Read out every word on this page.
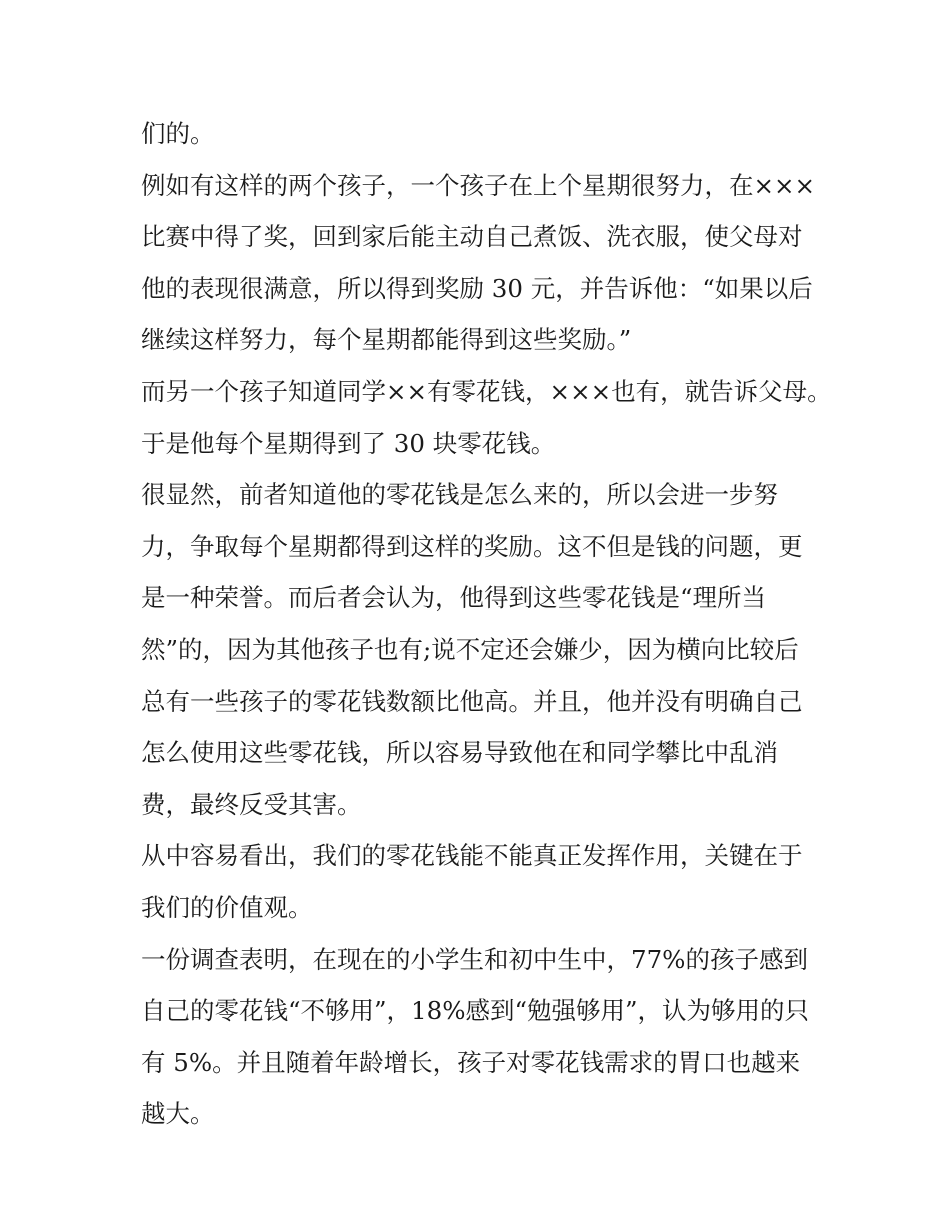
们的。
例如有这样的两个孩子，一个孩子在上个星期很努力，在×××
比赛中得了奖，回到家后能主动自己煮饭、洗衣服，使父母对
他的表现很满意，所以得到奖励 30 元，并告诉他：“如果以后
继续这样努力，每个星期都能得到这些奖励。”
而另一个孩子知道同学××有零花钱，×××也有，就告诉父母。
于是他每个星期得到了 30 块零花钱。
很显然，前者知道他的零花钱是怎么来的，所以会进一步努
力，争取每个星期都得到这样的奖励。这不但是钱的问题，更
是一种荣誉。而后者会认为，他得到这些零花钱是“理所当
然”的，因为其他孩子也有;说不定还会嫌少，因为横向比较后
总有一些孩子的零花钱数额比他高。并且，他并没有明确自己
怎么使用这些零花钱，所以容易导致他在和同学攀比中乱消
费，最终反受其害。
从中容易看出，我们的零花钱能不能真正发挥作用，关键在于
我们的价值观。
一份调查表明，在现在的小学生和初中生中，77%的孩子感到
自己的零花钱“不够用”，18%感到“勉强够用”，认为够用的只
有 5%。并且随着年龄增长，孩子对零花钱需求的胃口也越来
越大。
